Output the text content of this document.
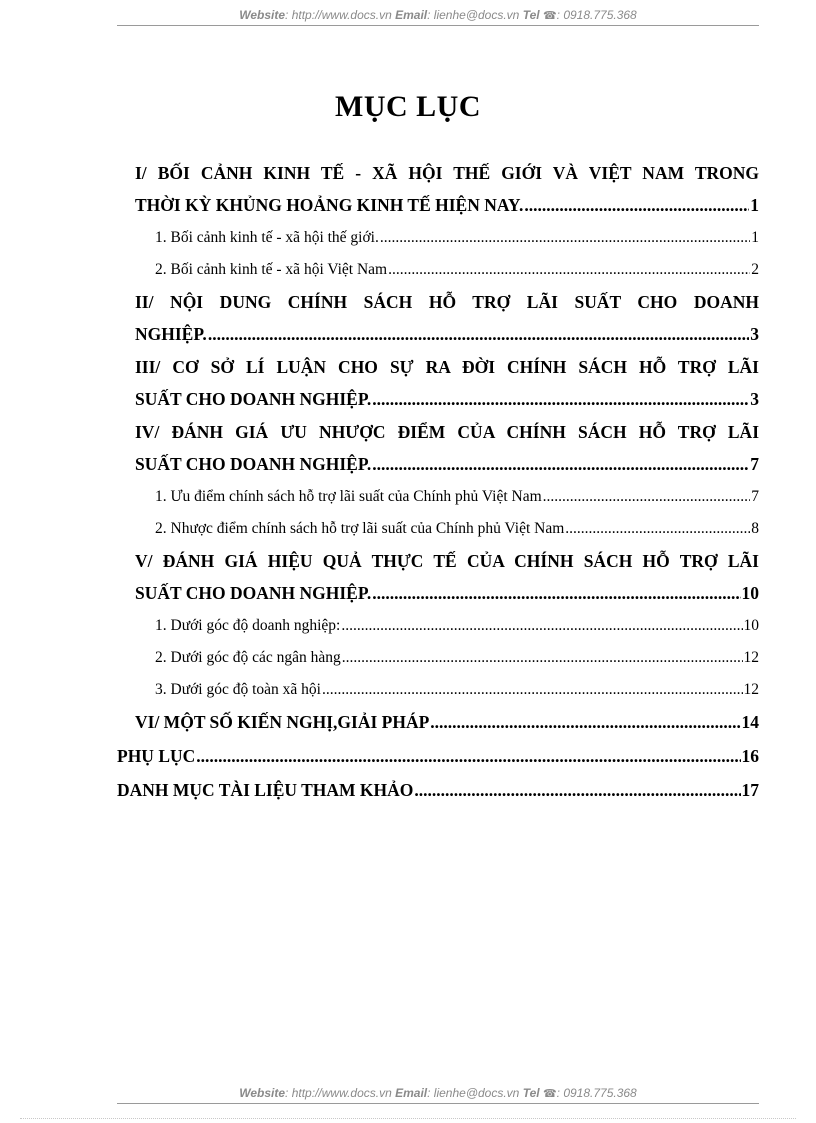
Website: http://www.docs.vn Email: lienhe@docs.vn Tel ☎: 0918.775.368
MỤC LỤC
I/ BỐI CẢNH KINH TẾ - XÃ HỘI THẾ GIỚI VÀ VIỆT NAM TRONG
THỜI KỲ KHỦNG HOẢNG KINH TẾ HIỆN NAY. .....	1
1. Bối cảnh kinh tế - xã hội thế giới. .....	1
2. Bối cảnh kinh tế - xã hội Việt Nam .....	2
II/ NỘI DUNG CHÍNH SÁCH HỖ TRỢ LÃI SUẤT CHO DOANH
NGHIỆP. .....	3
III/ CƠ SỞ LÍ LUẬN CHO SỰ RA ĐỜI CHÍNH SÁCH HỖ TRỢ LÃI
SUẤT CHO DOANH NGHIỆP. .....	3
IV/ ĐÁNH GIÁ ƯU NHƯỢC ĐIỂM CỦA CHÍNH SÁCH HỖ TRỢ LÃI
SUẤT CHO DOANH NGHIỆP. .....	7
1. Ưu điểm chính sách hỗ trợ lãi suất của Chính phủ Việt Nam .....	7
2. Nhược điểm chính sách hỗ trợ lãi suất của Chính phủ Việt Nam .....	8
V/ ĐÁNH GIÁ HIỆU QUẢ THỰC TẾ CỦA CHÍNH SÁCH HỖ TRỢ LÃI
SUẤT CHO DOANH NGHIỆP. .....	10
1. Dưới góc độ doanh nghiệp: .....	10
2. Dưới góc độ các ngân hàng .....	12
3. Dưới góc độ toàn xã hội .....	12
VI/ MỘT SỐ KIẾN NGHỊ,GIẢI PHÁP .....	14
PHỤ LỤC .....	16
DANH MỤC TÀI LIỆU THAM KHẢO .....	17
Website: http://www.docs.vn Email: lienhe@docs.vn Tel ☎: 0918.775.368
